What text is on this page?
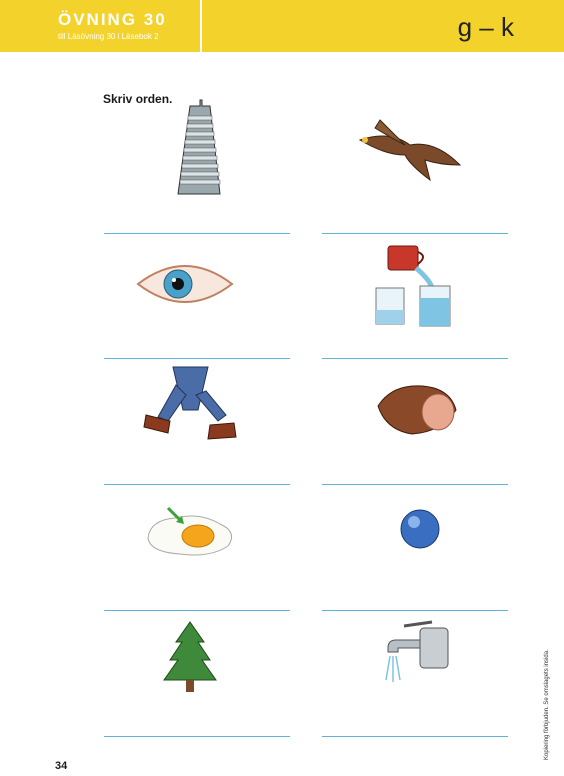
ÖVNING 30
till Läsövning 30 i Läsebok 2	g – k
Skriv orden.
34
Kopiering förbjuden. Se omslagets insida.
